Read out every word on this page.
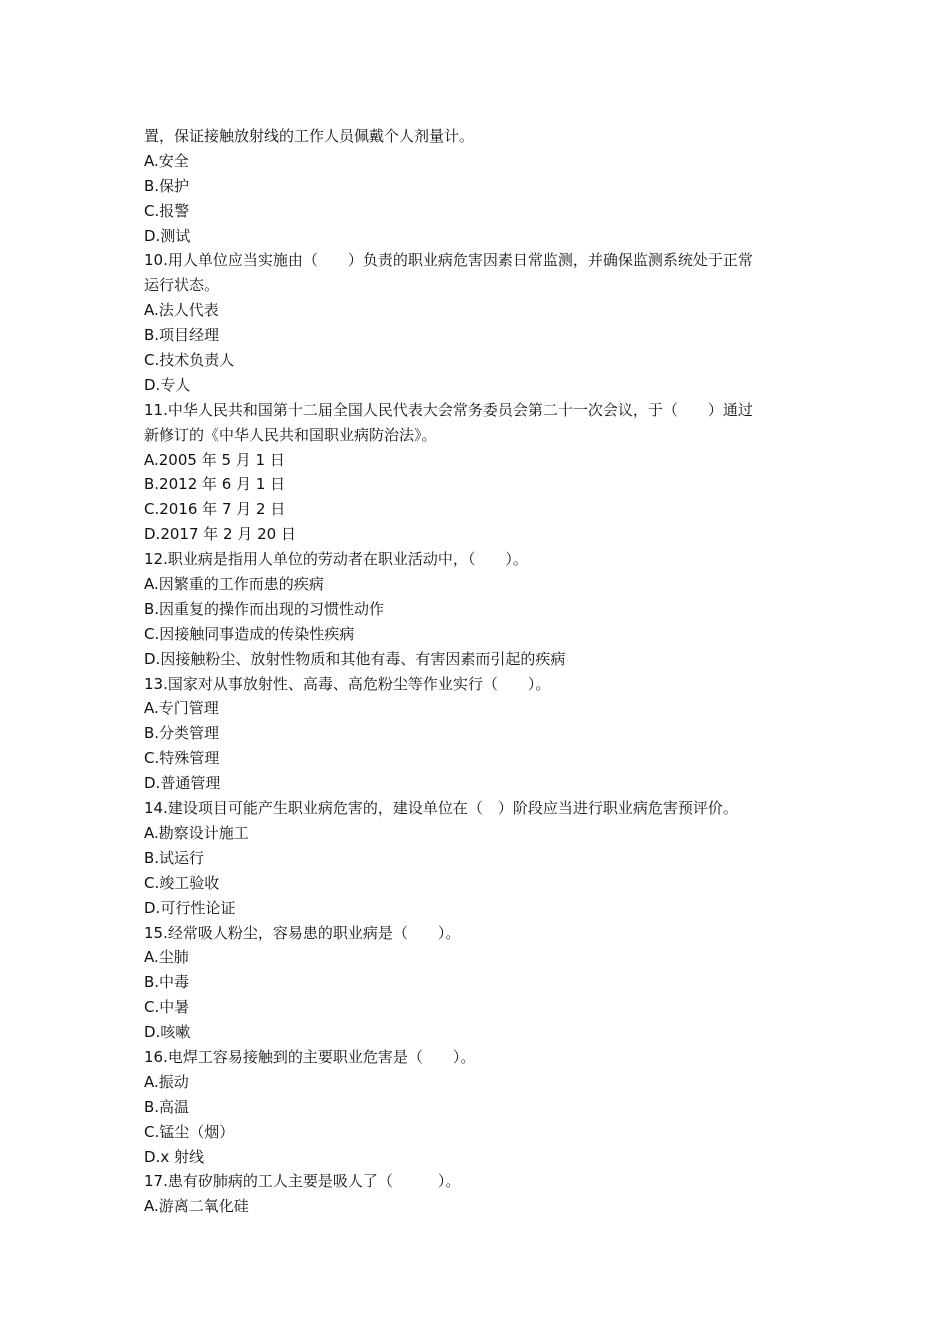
置，保证接触放射线的工作人员佩戴个人剂量计。
A.安全
B.保护
C.报警
D.测试
10.用人单位应当实施由（　　）负责的职业病危害因素日常监测，并确保监测系统处于正常
运行状态。
A.法人代表
B.项目经理
C.技术负责人
D.专人
11.中华人民共和国第十二届全国人民代表大会常务委员会第二十一次会议，于（　　）通过
新修订的《中华人民共和国职业病防治法》。
A.2005 年 5 月 1 日
B.2012 年 6 月 1 日
C.2016 年 7 月 2 日
D.2017 年 2 月 20 日
12.职业病是指用人单位的劳动者在职业活动中，（　　）。
A.因繁重的工作而患的疾病
B.因重复的操作而出现的习惯性动作
C.因接触同事造成的传染性疾病
D.因接触粉尘、放射性物质和其他有毒、有害因素而引起的疾病
13.国家对从事放射性、高毒、高危粉尘等作业实行（　　）。
A.专门管理
B.分类管理
C.特殊管理
D.普通管理
14.建设项目可能产生职业病危害的，建设单位在（　）阶段应当进行职业病危害预评价。
A.勘察设计施工
B.试运行
C.竣工验收
D.可行性论证
15.经常吸人粉尘，容易患的职业病是（　　）。
A.尘肺
B.中毒
C.中暑
D.咳嗽
16.电焊工容易接触到的主要职业危害是（　　）。
A.振动
B.高温
C.锰尘（烟）
D.x 射线
17.患有矽肺病的工人主要是吸人了（　　　）。
A.游离二氧化硅
